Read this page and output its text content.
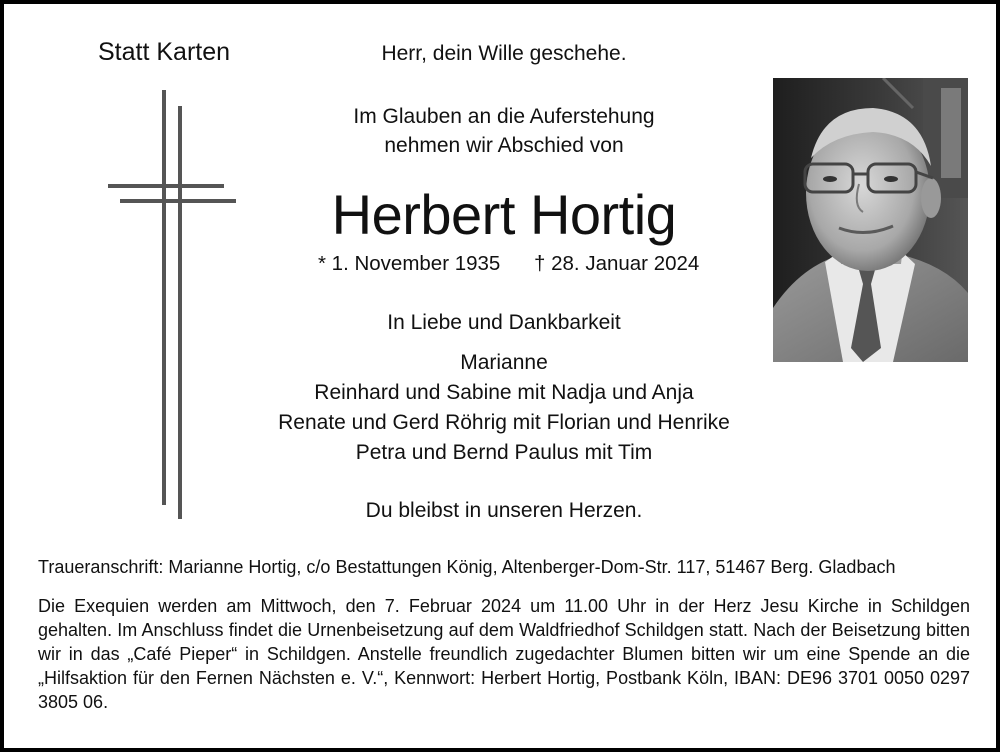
Statt Karten	Herr, dein Wille geschehe.
Im Glauben an die Auferstehung
nehmen wir Abschied von
Herbert Hortig
* 1. November 1935 † 28. Januar 2024
In Liebe und Dankbarkeit
Marianne
Reinhard und Sabine mit Nadja und Anja
Renate und Gerd Röhrig mit Florian und Henrike
Petra und Bernd Paulus mit Tim
Du bleibst in unseren Herzen.
Traueranschrift: Marianne Hortig, c/o Bestattungen König, Altenberger-Dom-Str. 117, 51467 Berg. Gladbach
Die Exequien werden am Mittwoch, den 7. Februar 2024 um 11.00 Uhr in der Herz Jesu Kirche in Schildgen gehalten. Im Anschluss findet die Urnenbeisetzung auf dem Waldfriedhof Schildgen statt. Nach der Beisetzung bitten wir in das „Café Pieper“ in Schildgen. Anstelle freundlich zugedachter Blumen bitten wir um eine Spende an die „Hilfsaktion für den Fernen Nächsten e. V.“, Kennwort: Herbert Hortig, Postbank Köln, IBAN: DE96 3701 0050 0297 3805 06.
